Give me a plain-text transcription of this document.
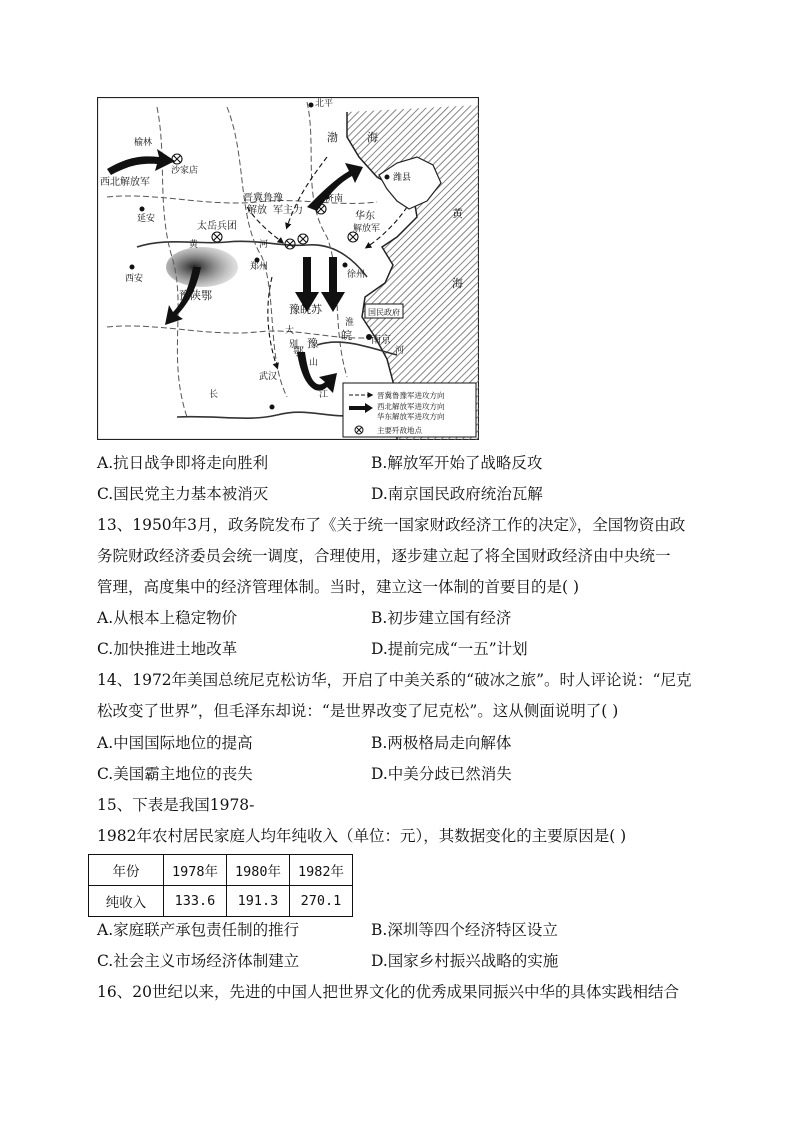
北平
榆林
沙家店
西北解放军
延安
渤	海
黄
海
潍县
济南
晋冀鲁豫
解放 军主力
华东
解放军
太岳兵团
黄	河
郑州
徐州
西安
豫陕鄂
豫皖苏
大
别
山
鄂
豫
皖 南京
国民政府
武汉
长	江
淮
河
晋冀鲁豫军进攻方向
西北解放军进攻方向
华东解放军进攻方向
主要歼敌地点
A.抗日战争即将走向胜利	B.解放军开始了战略反攻
C.国民党主力基本被消灭	D.南京国民政府统治瓦解
13、1950年3月，政务院发布了《关于统一国家财政经济工作的决定》，全国物资由政
务院财政经济委员会统一调度，合理使用，逐步建立起了将全国财政经济由中央统一
管理，高度集中的经济管理体制。当时，建立这一体制的首要目的是( )
A.从根本上稳定物价	B.初步建立国有经济
C.加快推进土地改革	D.提前完成“一五”计划
14、1972年美国总统尼克松访华，开启了中美关系的“破冰之旅”。时人评论说：“尼克
松改变了世界”，但毛泽东却说：“是世界改变了尼克松”。这从侧面说明了( )
A.中国国际地位的提高	B.两极格局走向解体
C.美国霸主地位的丧失	D.中美分歧已然消失
15、下表是我国1978-
1982年农村居民家庭人均年纯收入（单位：元），其数据变化的主要原因是( )
年份	1978年	1980年	1982年
纯收入	133.6	191.3	270.1
A.家庭联产承包责任制的推行	B.深圳等四个经济特区设立
C.社会主义市场经济体制建立	D.国家乡村振兴战略的实施
16、20世纪以来，先进的中国人把世界文化的优秀成果同振兴中华的具体实践相结合
